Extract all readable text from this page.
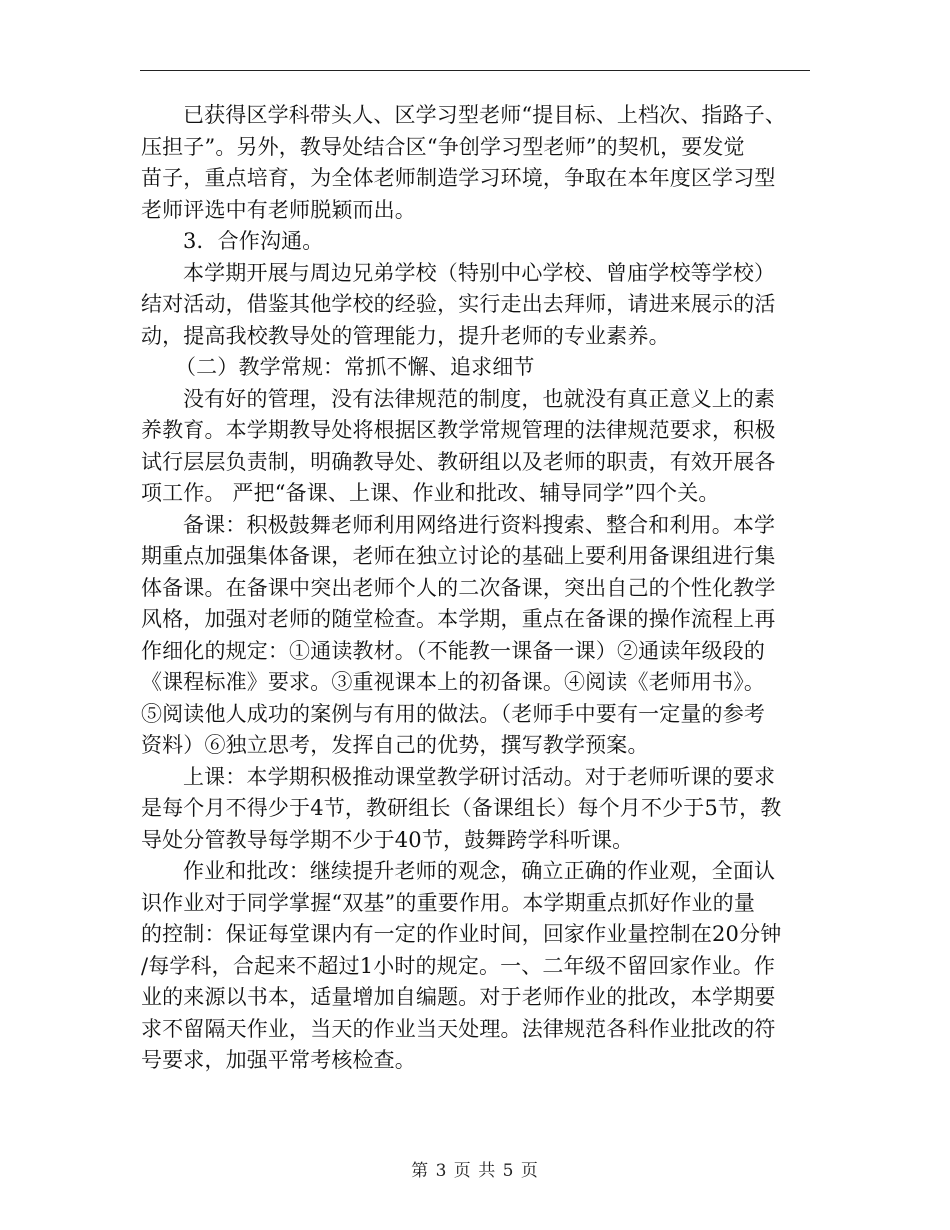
已获得区学科带头人、区学习型老师“提目标、上档次、指路子、
压担子”。另外，教导处结合区“争创学习型老师”的契机，要发觉
苗子，重点培育，为全体老师制造学习环境，争取在本年度区学习型
老师评选中有老师脱颖而出。
3．合作沟通。
本学期开展与周边兄弟学校（特别中心学校、曾庙学校等学校）
结对活动，借鉴其他学校的经验，实行走出去拜师，请进来展示的活
动，提高我校教导处的管理能力，提升老师的专业素养。
（二）教学常规：常抓不懈、追求细节
没有好的管理，没有法律规范的制度，也就没有真正意义上的素
养教育。本学期教导处将根据区教学常规管理的法律规范要求，积极
试行层层负责制，明确教导处、教研组以及老师的职责，有效开展各
项工作。 严把“备课、上课、作业和批改、辅导同学”四个关。
备课：积极鼓舞老师利用网络进行资料搜索、整合和利用。本学
期重点加强集体备课，老师在独立讨论的基础上要利用备课组进行集
体备课。在备课中突出老师个人的二次备课，突出自己的个性化教学
风格，加强对老师的随堂检查。本学期，重点在备课的操作流程上再
作细化的规定：①通读教材。（不能教一课备一课）②通读年级段的
《课程标准》要求。③重视课本上的初备课。④阅读《老师用书》。
⑤阅读他人成功的案例与有用的做法。（老师手中要有一定量的参考
资料）⑥独立思考，发挥自己的优势，撰写教学预案。
上课：本学期积极推动课堂教学研讨活动。对于老师听课的要求
是每个月不得少于4节，教研组长（备课组长）每个月不少于5节，教
导处分管教导每学期不少于40节，鼓舞跨学科听课。
作业和批改：继续提升老师的观念，确立正确的作业观，全面认
识作业对于同学掌握“双基”的重要作用。本学期重点抓好作业的量
的控制：保证每堂课内有一定的作业时间，回家作业量控制在20分钟
/每学科，合起来不超过1小时的规定。一、二年级不留回家作业。作
业的来源以书本，适量增加自编题。对于老师作业的批改，本学期要
求不留隔天作业，当天的作业当天处理。法律规范各科作业批改的符
号要求，加强平常考核检查。
第 3 页 共 5 页
